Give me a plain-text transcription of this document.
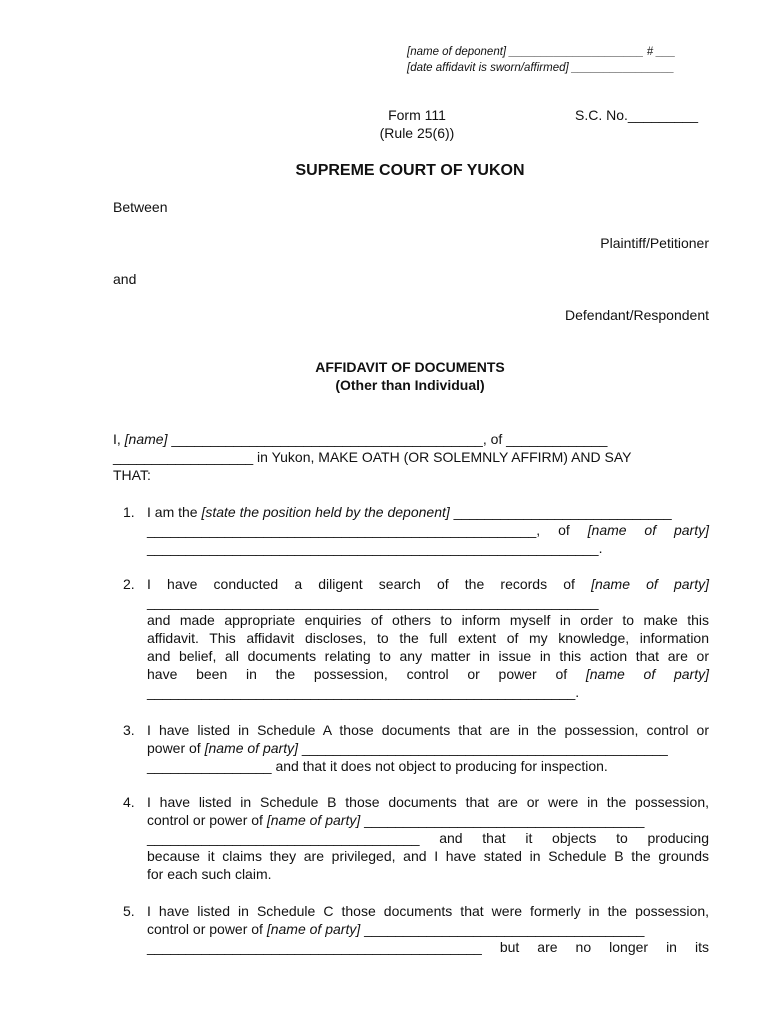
[name of deponent] _____________________ # ___
[date affidavit is sworn/affirmed] ________________
Form 111
(Rule 25(6))
S.C. No._________
SUPREME COURT OF YUKON
Between
Plaintiff/Petitioner
and
Defendant/Respondent
AFFIDAVIT OF DOCUMENTS
(Other than Individual)
I, [name] ________________________________________, of _____________
__________________ in Yukon, MAKE OATH (OR SOLEMNLY AFFIRM) AND SAY
THAT:
1. I am the [state the position held by the deponent] ____________________________
__________________________________________________, of [name of party]
__________________________________________________________.
2. I have conducted a diligent search of the records of [name of party]
__________________________________________________________
and made appropriate enquiries of others to inform myself in order to make this
affidavit. This affidavit discloses, to the full extent of my knowledge, information
and belief, all documents relating to any matter in issue in this action that are or
have been in the possession, control or power of [name of party]
_______________________________________________________.
3. I have listed in Schedule A those documents that are in the possession, control or
power of [name of party] _______________________________________________
________________ and that it does not object to producing for inspection.
4. I have listed in Schedule B those documents that are or were in the possession,
control or power of [name of party] ____________________________________
___________________________________ and that it objects to producing
because it claims they are privileged, and I have stated in Schedule B the grounds
for each such claim.
5. I have listed in Schedule C those documents that were formerly in the possession,
control or power of [name of party] ____________________________________
___________________________________________ but are no longer in its
